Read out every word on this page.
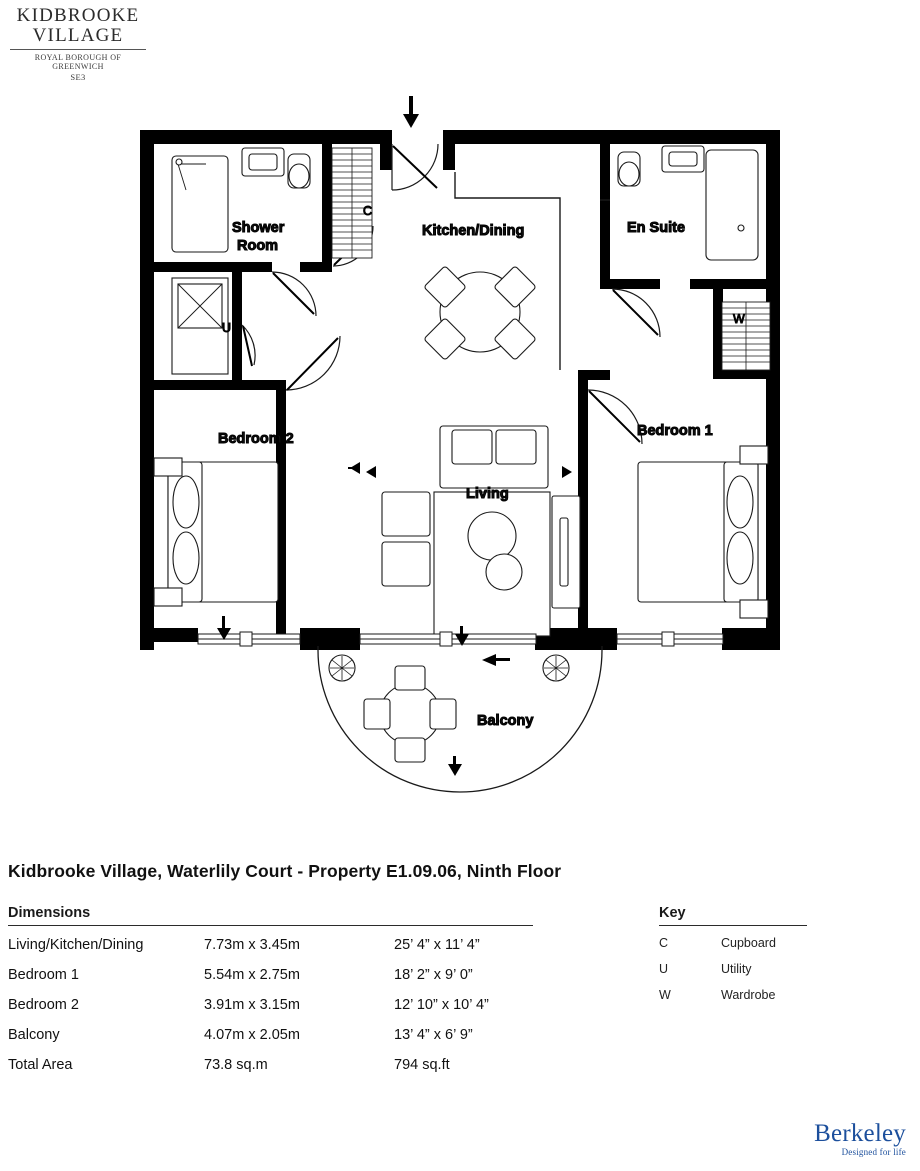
KIDBROOKE
VILLAGE
ROYAL BOROUGH OF GREENWICH
SE3
Shower
Room
Kitchen/Dining	En Suite
Bedroom 2	Bedroom 1
Living
Balcony
C
U
W
Kidbrooke Village, Waterlily Court - Property E1.09.06, Ninth Floor
Dimensions
Living/Kitchen/Dining	7.73m x 3.45m	25’ 4” x 11’ 4”
Bedroom 1	5.54m x 2.75m	18’ 2” x 9’ 0”
Bedroom 2	3.91m x 3.15m	12’ 10” x 10’ 4”
Balcony	4.07m x 2.05m	13’ 4” x 6’ 9”
Total Area	73.8 sq.m	794 sq.ft
Key
C	Cupboard
U	Utility
W	Wardrobe
Berkeley
Designed for life
